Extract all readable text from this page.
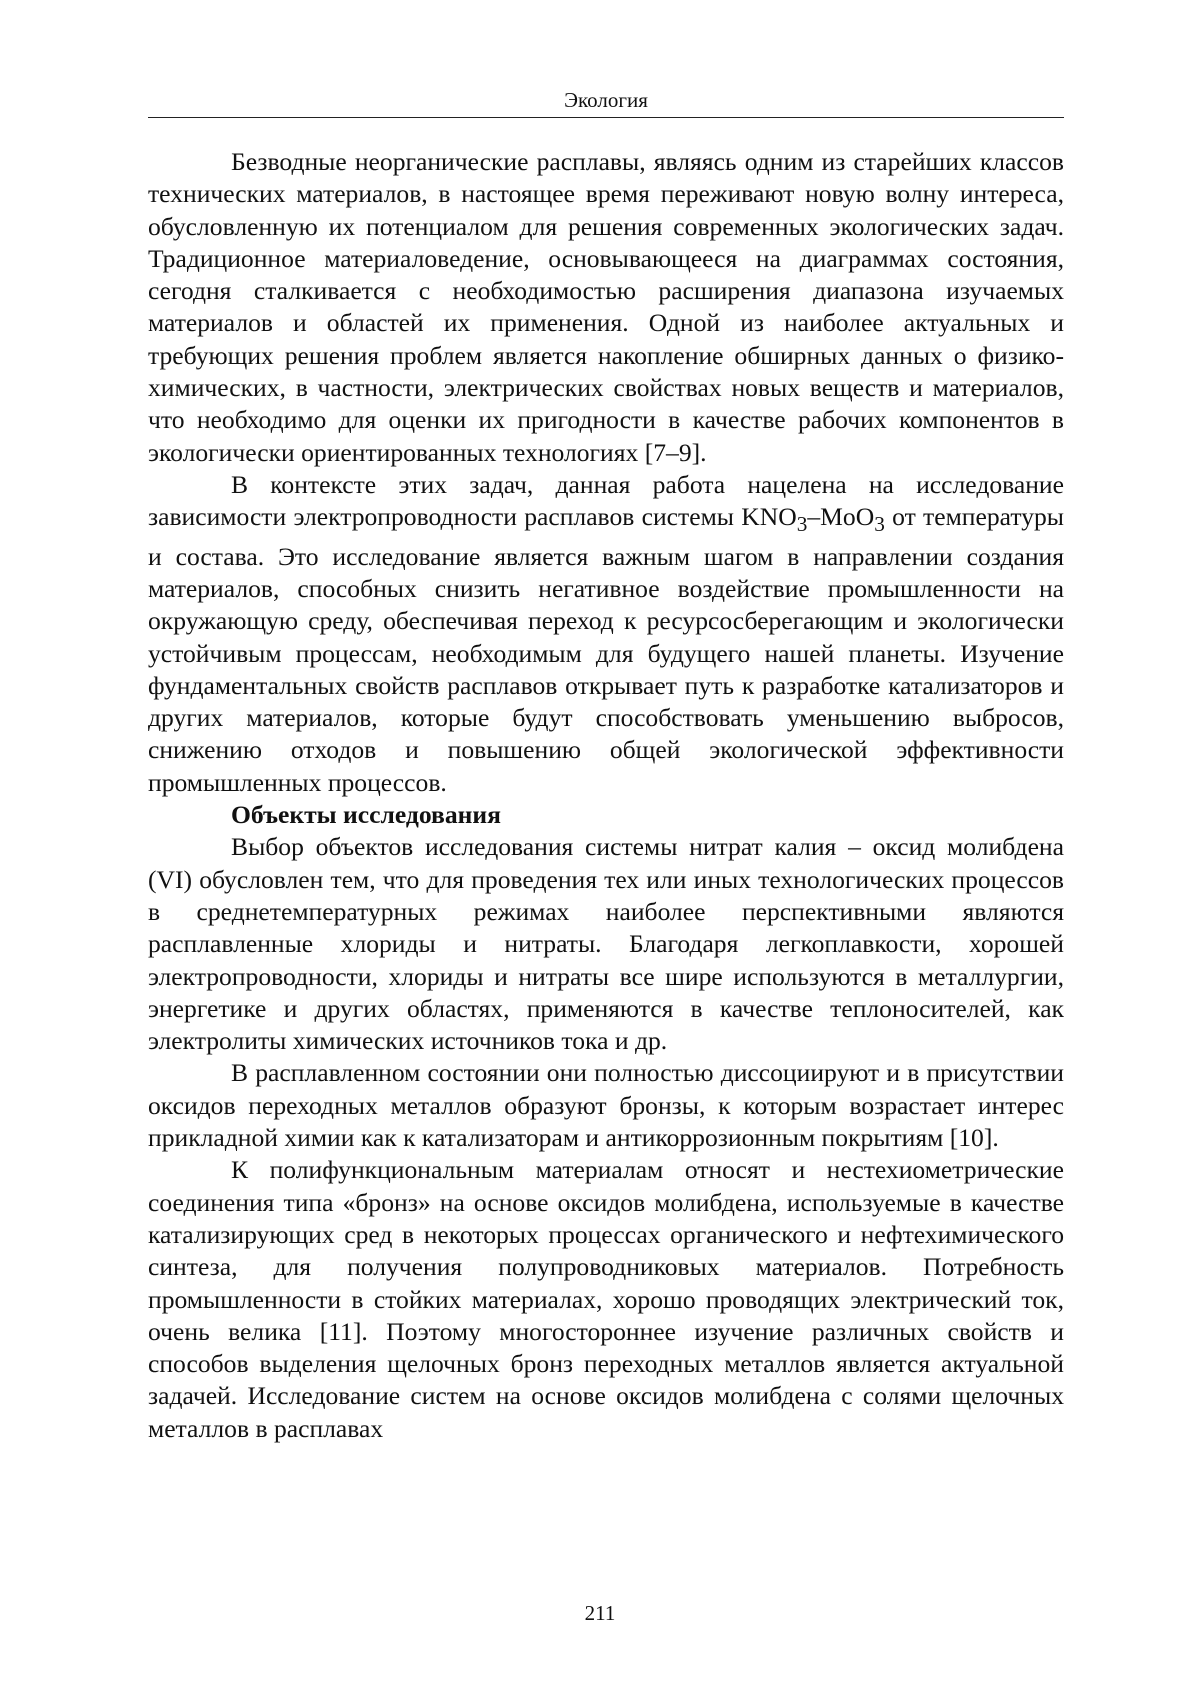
Экология

Безводные неорганические расплавы, являясь одним из старейших классов технических материалов, в настоящее время переживают новую волну интереса, обусловленную их потенциалом для решения современных экологических задач. Традиционное материаловедение, основывающееся на диаграммах состояния, сегодня сталкивается с необходимостью расширения диапазона изучаемых материалов и областей их применения. Одной из наиболее актуальных и требующих решения проблем является накопление обширных данных о физико-химических, в частности, электрических свойствах новых веществ и материалов, что необходимо для оценки их пригодности в качестве рабочих компонентов в экологически ориентированных технологиях [7–9].

В контексте этих задач, данная работа нацелена на исследование зависимости электропроводности расплавов системы $KNO_3-MoO_3$ от температуры и состава. Это исследование является важным шагом в направлении создания материалов, способных снизить негативное воздействие промышленности на окружающую среду, обеспечивая переход к ресурсосберегающим и экологически устойчивым процессам, необходимым для будущего нашей планеты. Изучение фундаментальных свойств расплавов открывает путь к разработке катализаторов и других материалов, которые будут способствовать уменьшению выбросов, снижению отходов и повышению общей экологической эффективности промышленных процессов.

Объекты исследования

Выбор объектов исследования системы нитрат калия – оксид молибдена (VI) обусловлен тем, что для проведения тех или иных технологических процессов в среднетемпературных режимах наиболее перспективными являются расплавленные хлориды и нитраты. Благодаря легкоплавкости, хорошей электропроводности, хлориды и нитраты все шире используются в металлургии, энергетике и других областях, применяются в качестве теплоносителей, как электролиты химических источников тока и др.

В расплавленном состоянии они полностью диссоциируют и в присутствии оксидов переходных металлов образуют бронзы, к которым возрастает интерес прикладной химии как к катализаторам и антикоррозионным покрытиям [10].

К полифункциональным материалам относят и нестехиометрические соединения типа «бронз» на основе оксидов молибдена, используемые в качестве катализирующих сред в некоторых процессах органического и нефтехимического синтеза, для получения полупроводниковых материалов. Потребность промышленности в стойких материалах, хорошо проводящих электрический ток, очень велика [11]. Поэтому многостороннее изучение различных свойств и способов выделения щелочных бронз переходных металлов является актуальной задачей. Исследование систем на основе оксидов молибдена с солями щелочных металлов в расплавах

211
